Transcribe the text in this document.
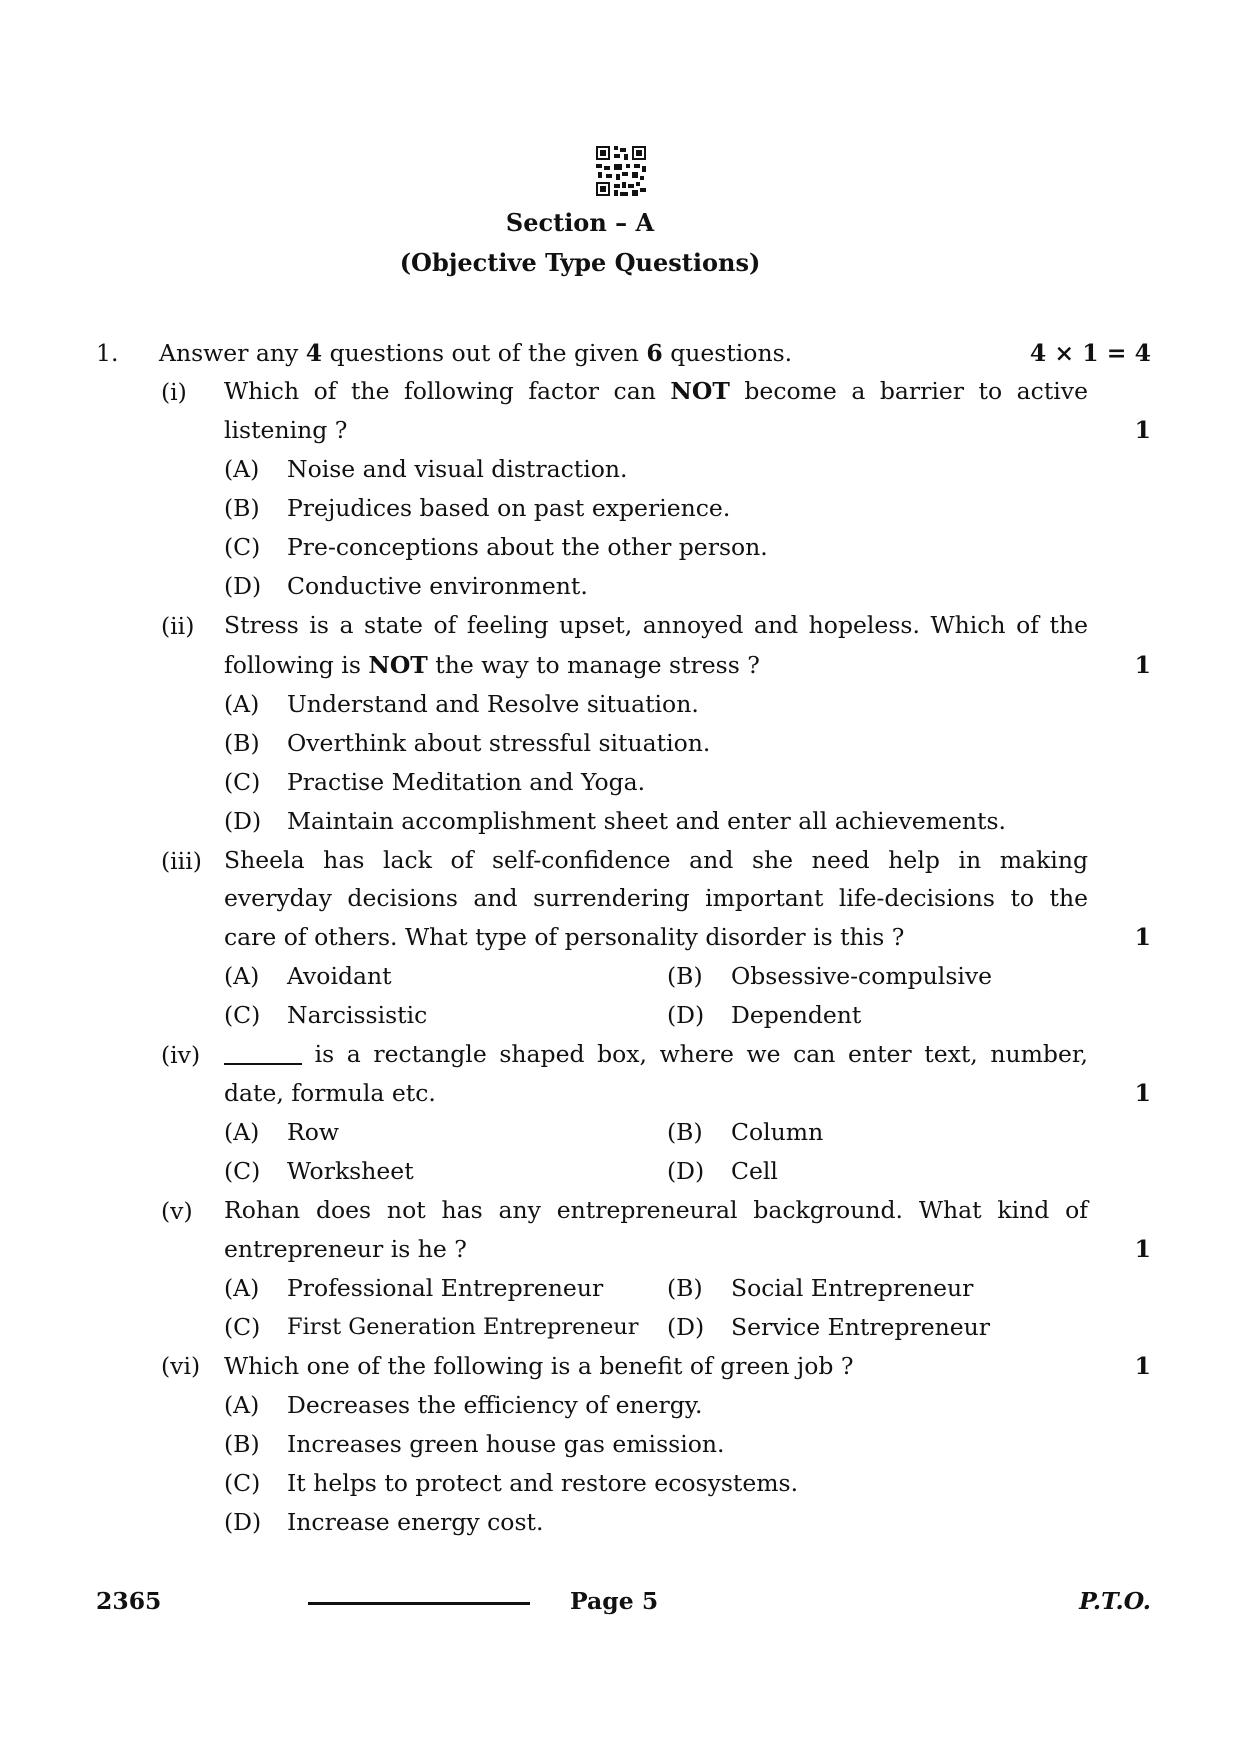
Section – A
(Objective Type Questions)
1. Answer any 4 questions out of the given 6 questions.	4 × 1 = 4
(i) Which of the following factor can NOT become a barrier to active
listening ?	1
(A) Noise and visual distraction.
(B) Prejudices based on past experience.
(C) Pre-conceptions about the other person.
(D) Conductive environment.
(ii) Stress is a state of feeling upset, annoyed and hopeless. Which of the
following is NOT the way to manage stress ?	1
(A) Understand and Resolve situation.
(B) Overthink about stressful situation.
(C) Practise Meditation and Yoga.
(D) Maintain accomplishment sheet and enter all achievements.
(iii) Sheela has lack of self-confidence and she need help in making
everyday decisions and surrendering important life-decisions to the
care of others. What type of personality disorder is this ?	1
(A) Avoidant	(B) Obsessive-compulsive
(C) Narcissistic	(D) Dependent
(iv)	is a rectangle shaped box, where we can enter text, number,
date, formula etc.	1
(A) Row	(B) Column
(C) Worksheet	(D) Cell
(v) Rohan does not has any entrepreneural background. What kind of
entrepreneur is he ?	1
(A) Professional Entrepreneur	(B) Social Entrepreneur
(C) First Generation Entrepreneur (D) Service Entrepreneur
(vi) Which one of the following is a benefit of green job ?	1
(A) Decreases the efficiency of energy.
(B) Increases green house gas emission.
(C) It helps to protect and restore ecosystems.
(D) Increase energy cost.
2365	Page 5	P.T.O.
